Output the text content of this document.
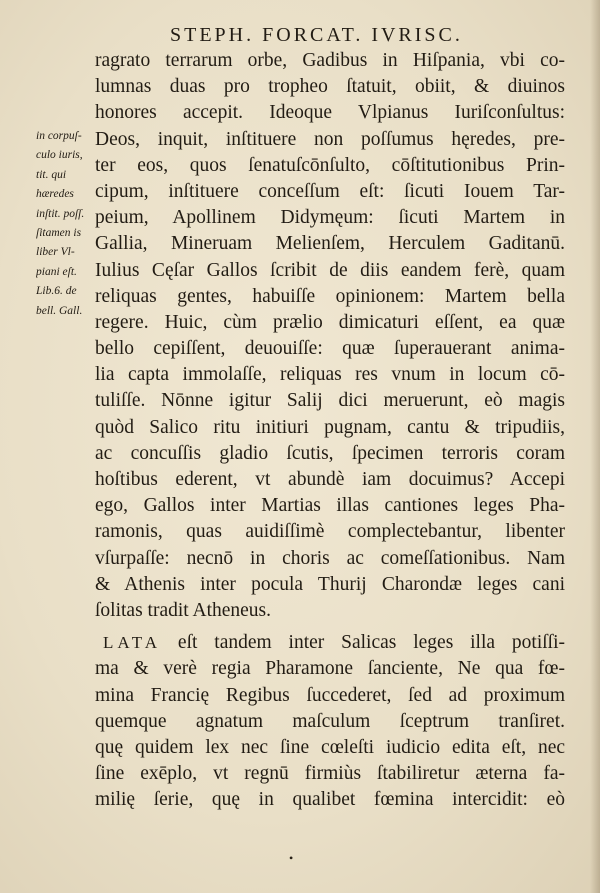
STEPH. FORCAT. IVRISC.
in corpuſ-
culo iuris,
tit. qui
hæredes
inſtit. poſſ.
ſitamen is
liber Vl-
piani eſt.
Lib.6. de
bell. Gall.
ragrato terrarum orbe, Gadibus in Hiſpania, vbi co-
lumnas duas pro tropheo ſtatuit, obiit, & diuinos
honores accepit. Ideoque Vlpianus Iuriſconſultus:
Deos, inquit, inſtituere non poſſumus hęredes, pre-
ter eos, quos ſenatuſcōnſulto, cōſtitutionibus Prin-
cipum, inſtituere conceſſum eſt: ſicuti Iouem Tar-
peium, Apollinem Didymęum: ſicuti Martem in
Gallia, Mineruam Melienſem, Herculem Gaditanū.
Iulius Cęſar Gallos ſcribit de diis eandem ferè, quam
reliquas gentes, habuiſſe opinionem: Martem bella
regere. Huic, cùm prælio dimicaturi eſſent, ea quæ
bello cepiſſent, deuouiſſe: quæ ſuperauerant anima-
lia capta immolaſſe, reliquas res vnum in locum cō-
tuliſſe. Nōnne igitur Salij dici meruerunt, eò magis
quòd Salico ritu initiuri pugnam, cantu & tripudiis,
ac concuſſis gladio ſcutis, ſpecimen terroris coram
hoſtibus ederent, vt abundè iam docuimus? Accepi
ego, Gallos inter Martias illas cantiones leges Pha-
ramonis, quas auidiſſimè complectebantur, libenter
vſurpaſſe: necnō in choris ac comeſſationibus. Nam
& Athenis inter pocula Thurij Charondæ leges cani
ſolitas tradit Atheneus.
LATA eſt tandem inter Salicas leges illa potiſſi-
ma & verè regia Pharamone ſanciente, Ne qua fœ-
mina Francię Regibus ſuccederet, ſed ad proximum
quemque agnatum maſculum ſceptrum tranſiret.
quę quidem lex nec ſine cœleſti iudicio edita eſt, nec
ſine exēplo, vt regnū firmiùs ſtabiliretur æterna fa-
milię ſerie, quę in qualibet fœmina intercidit: eò
•
